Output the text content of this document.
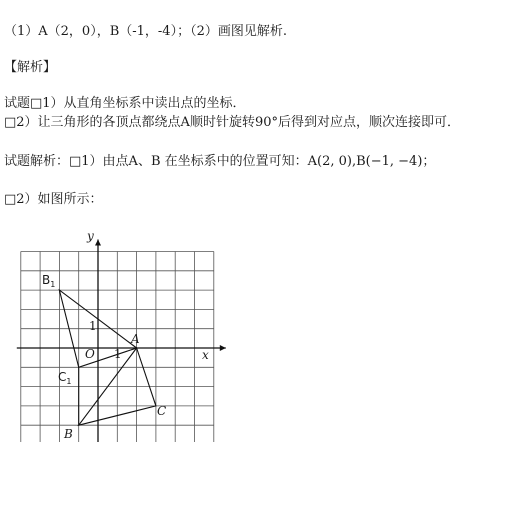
（1）A（2，0），B（-1，-4）；（2）画图见解析.
【解析】
试题□1）从直角坐标系中读出点的坐标．
□2）让三角形的各顶点都绕点A顺时针旋转90°后得到对应点，顺次连接即可．
试题解析：□1）由点A、B 在坐标系中的位置可知：A(2, 0),B(−1, −4)；
□2）如图所示：
x
y
O 1
1
A
B
C
$B_1$
$C_1$
